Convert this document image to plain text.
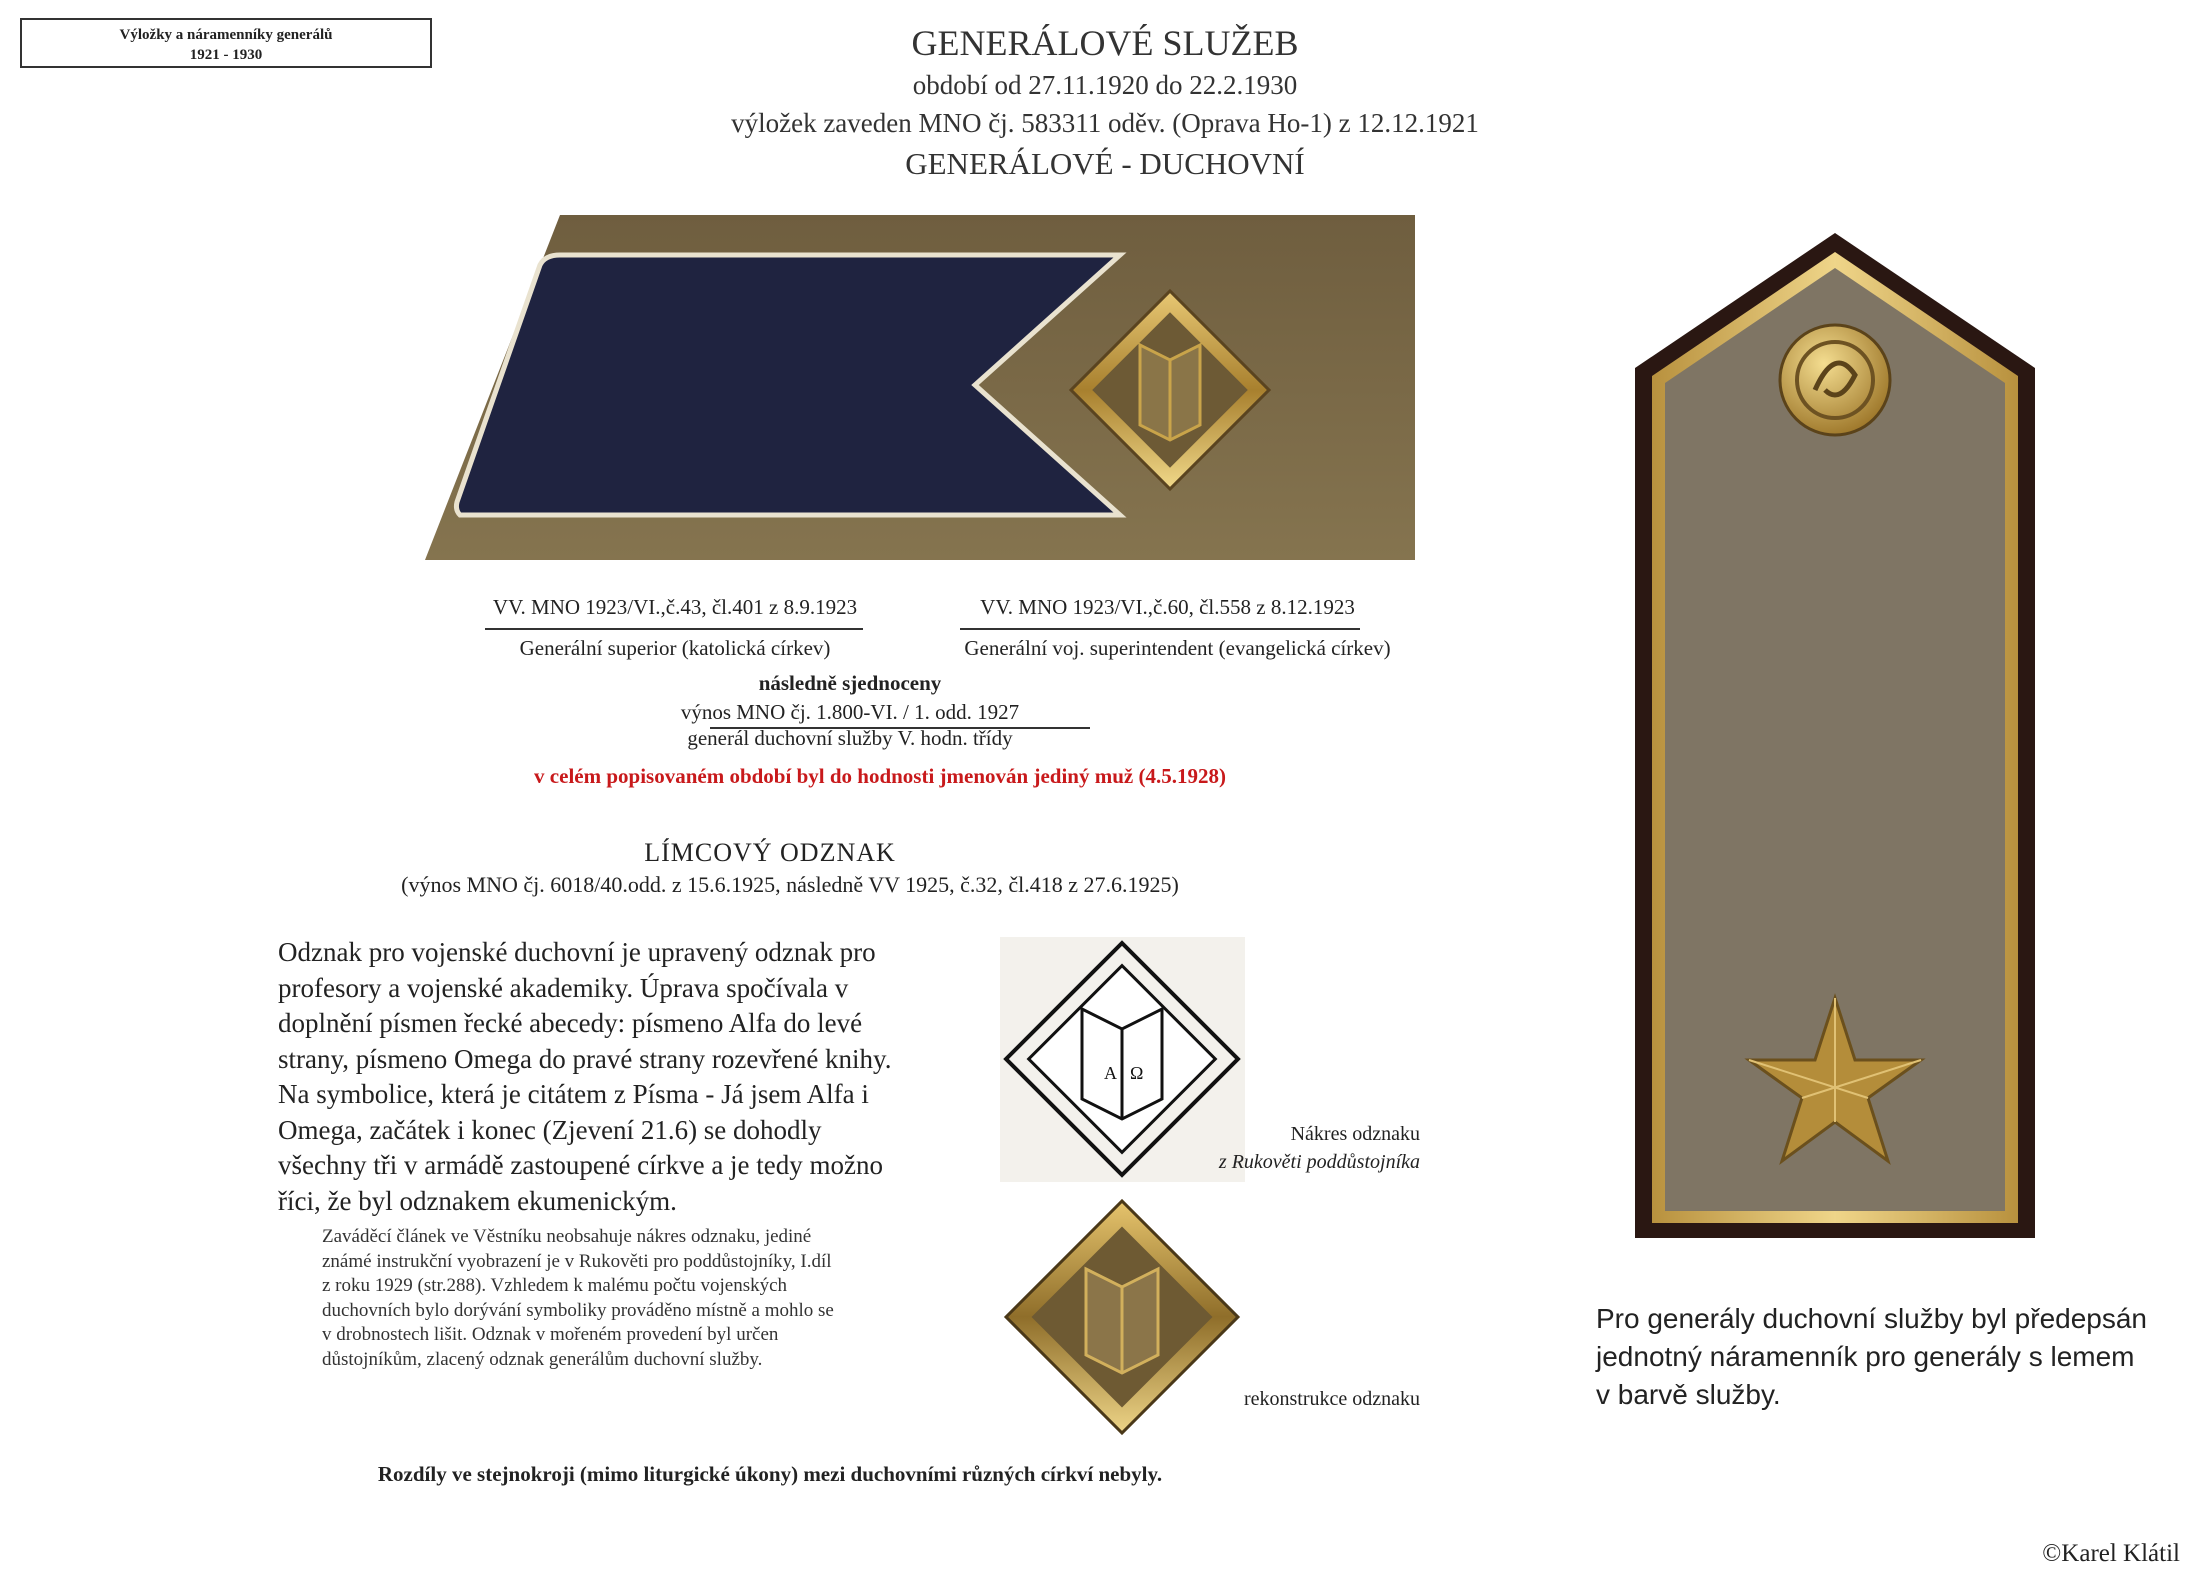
Výložky a náramenníky generálů
1921 - 1930	GENERÁLOVÉ SLUŽEB
období od 27.11.1920 do 22.2.1930
výložek zaveden MNO čj. 583311 oděv. (Oprava Ho-1) z 12.12.1921
GENERÁLOVÉ - DUCHOVNÍ
VV. MNO 1923/VI.,č.43, čl.401 z 8.9.1923
Generální superior (katolická církev)
VV. MNO 1923/VI.,č.60, čl.558 z 8.12.1923
Generální voj. superintendent (evangelická církev)
následně sjednoceny
výnos MNO čj. 1.800-VI. / 1. odd. 1927
generál duchovní služby V. hodn. třídy
v celém popisovaném období byl do hodnosti jmenován jediný muž (4.5.1928)
LÍMCOVÝ ODZNAK
(výnos MNO čj. 6018/40.odd. z 15.6.1925, následně VV 1925, č.32, čl.418 z 27.6.1925)
Odznak pro vojenské duchovní je upravený odznak pro profesory a vojenské akademiky. Úprava spočívala v doplnění písmen řecké abecedy: písmeno Alfa do levé strany, písmeno Omega do pravé strany rozevřené knihy. Na symbolice, která je citátem z Písma - Já jsem Alfa i Omega, začátek i konec (Zjevení 21.6) se dohodly všechny tři v armádě zastoupené církve a je tedy možno říci, že byl odznakem ekumenickým.
Zaváděcí článek ve Věstníku neobsahuje nákres odznaku, jediné známé instrukční vyobrazení je v Rukověti pro poddůstojníky, I.díl z roku 1929 (str.288). Vzhledem k malému počtu vojenských duchovních bylo dorývání symboliky prováděno místně a mohlo se v drobnostech lišit. Odznak v mořeném provedení byl určen důstojníkům, zlacený odznak generálům duchovní služby.
Rozdíly ve stejnokroji (mimo liturgické úkony) mezi duchovními různých církví nebyly.
A Ω
Nákres odznaku
z Rukověti poddůstojníka
rekonstrukce odznaku
Pro generály duchovní služby byl předepsán jednotný náramenník pro generály s lemem v barvě služby.
©Karel Klátil
